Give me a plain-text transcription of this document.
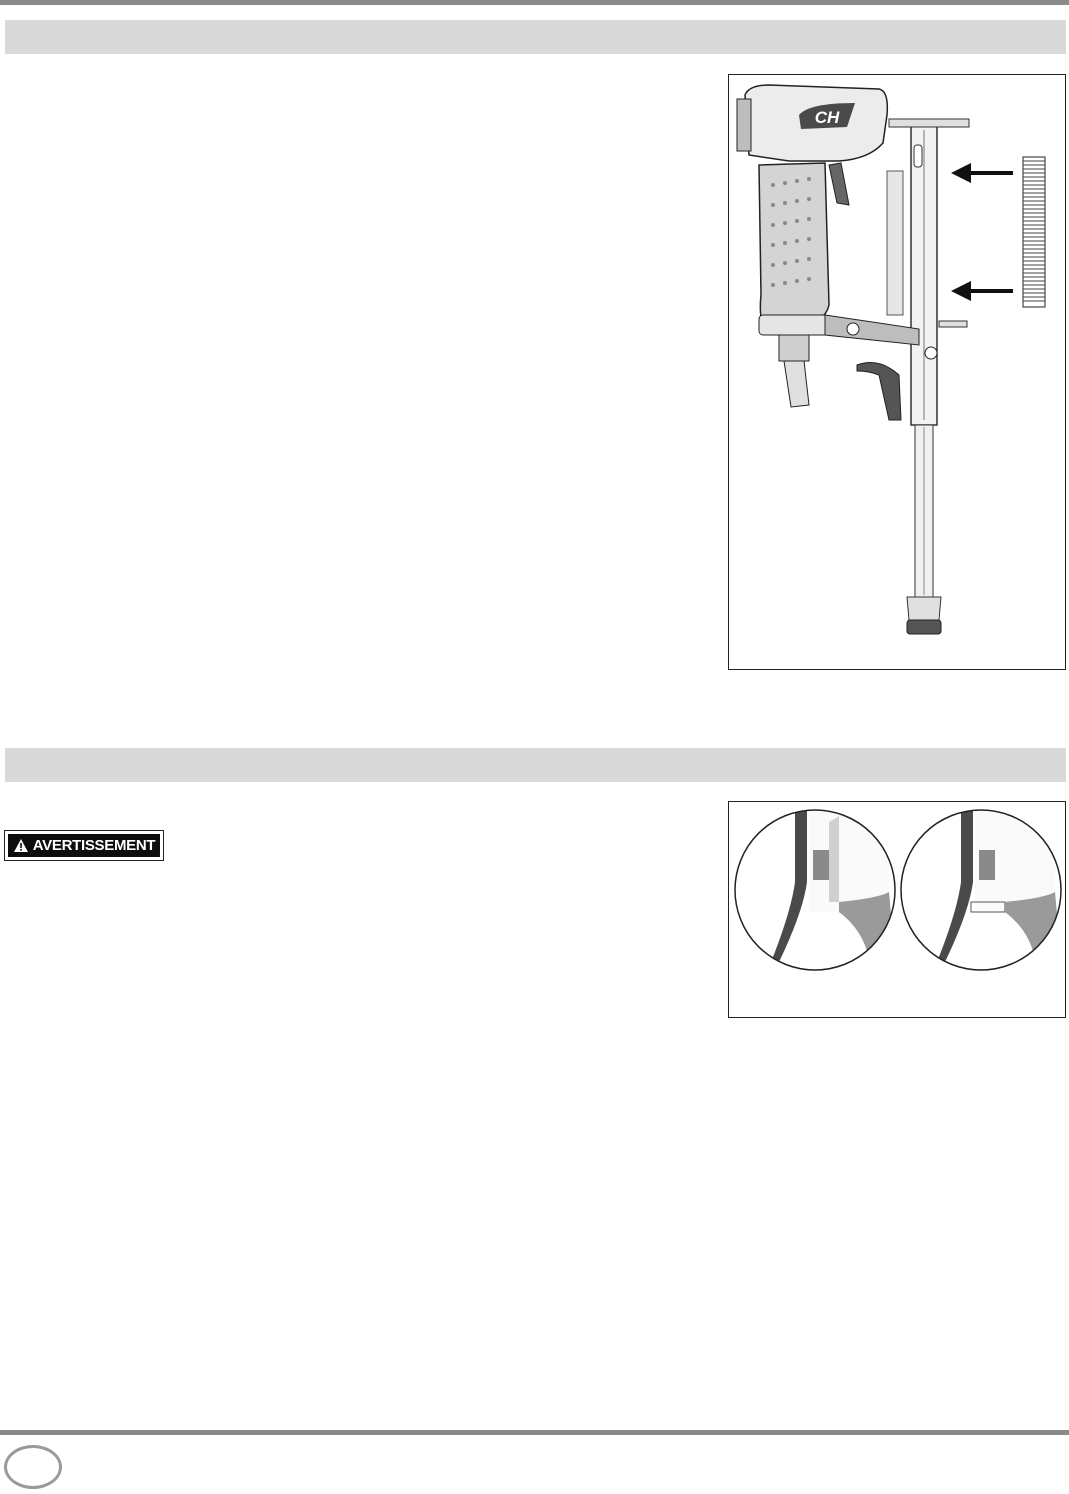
CH
AVERTISSEMENT
